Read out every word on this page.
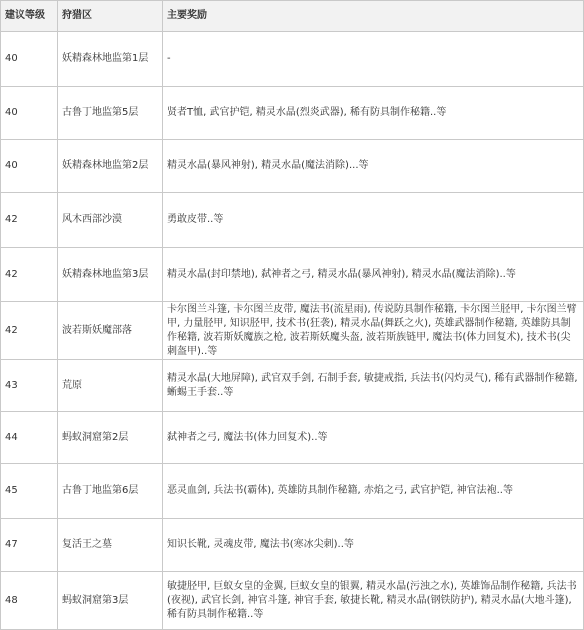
建议等级	狩猎区	主要奖励
40	妖精森林地监第1层	-
40	古鲁丁地监第5层	贤者T恤, 武官护铠, 精灵水晶(烈炎武器), 稀有防具制作秘籍..等
40	妖精森林地监第2层	精灵水晶(暴风神射), 精灵水晶(魔法消除)...等
42	风木西部沙漠	勇敢皮带..等
42	妖精森林地监第3层	精灵水晶(封印禁地), 弑神者之弓, 精灵水晶(暴风神射), 精灵水晶(魔法消除)..等
42	波若斯妖魔部落	卡尔图兰斗篷, 卡尔图兰皮带, 魔法书(流星雨), 传说防具制作秘籍, 卡尔图兰胫甲, 卡尔图兰臂甲, 力量胫甲, 知识胫甲, 技术书(狂袭), 精灵水晶(舞跃之火), 英雄武器制作秘籍, 英雄防具制作秘籍, 波若斯妖魔族之枪, 波若斯妖魔头盔, 波若斯族链甲, 魔法书(体力回复术), 技术书(尖刺盔甲)..等
43	荒原	精灵水晶(大地屏障), 武官双手剑, 石制手套, 敏捷戒指, 兵法书(闪灼灵气), 稀有武器制作秘籍, 蜥蜴王手套..等
44	蚂蚁洞窟第2层	弑神者之弓, 魔法书(体力回复术)..等
45	古鲁丁地监第6层	恶灵血剑, 兵法书(霸体), 英雄防具制作秘籍, 赤焰之弓, 武官护铠, 神官法袍..等
47	复活王之墓	知识长靴, 灵魂皮带, 魔法书(寒冰尖刺)..等
48	蚂蚁洞窟第3层	敏捷胫甲, 巨蚁女皇的金翼, 巨蚁女皇的银翼, 精灵水晶(污浊之水), 英雄饰品制作秘籍, 兵法书(夜视), 武官长剑, 神官斗篷, 神官手套, 敏捷长靴, 精灵水晶(钢铁防护), 精灵水晶(大地斗篷), 稀有防具制作秘籍..等
